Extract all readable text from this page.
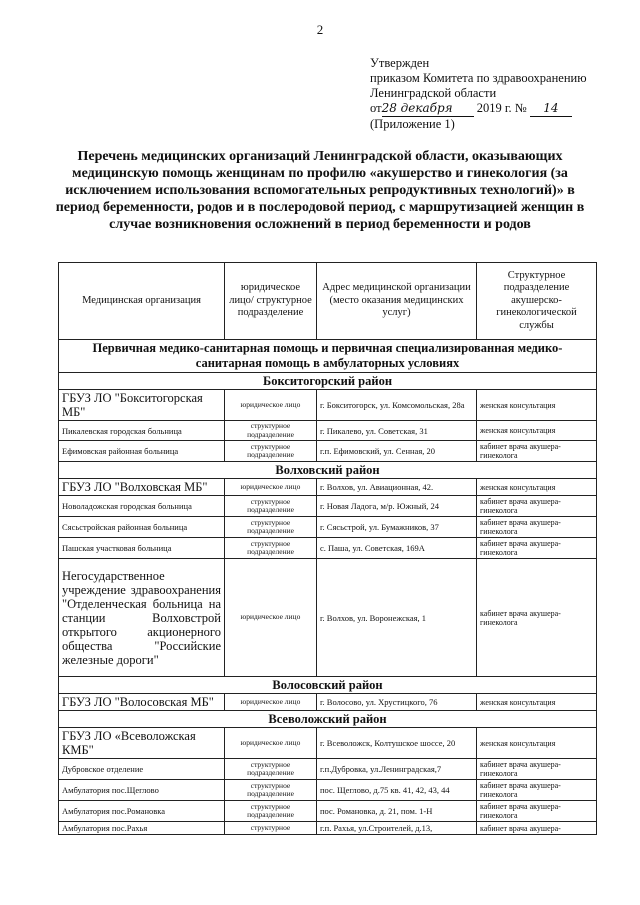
2
Утвержден
приказом Комитета по здравоохранению
Ленинградской области
от28 декабря 2019 г. № 14
(Приложение 1)
Перечень медицинских организаций Ленинградской области, оказывающих медицинскую помощь женщинам по профилю «акушерство и гинекология (за исключением использования вспомогательных репродуктивных технологий)» в период беременности, родов и в послеродовой период, с маршрутизацией женщин в случае возникновения осложнений в период беременности и родов
Медицинская организация	юридическое лицо/ структурное подразделение	Адрес медицинской организации (место оказания медицинских услуг)	Структурное подразделение акушерско-гинекологической службы
Первичная медико-санитарная помощь и первичная специализированная медико-санитарная помощь в амбулаторных условиях			
Бокситогорский район			
ГБУЗ ЛО "Бокситогорская МБ"	юридическое лицо	г. Бокситогорск, ул. Комсомольская, 28а	женская консультация
Пикалевская городская больница	структурное подразделение	г. Пикалево, ул. Советская, 31	женская консультация
Ефимовская районная больница	структурное подразделение	г.п. Ефимовский, ул. Сенная, 20	кабинет врача акушера-гинеколога
Волховский район			
ГБУЗ ЛО "Волховская МБ"	юридическое лицо	г. Волхов, ул. Авиационная, 42.	женская консультация
Новоладожская городская больница	структурное подразделение	г. Новая Ладога, м/р. Южный, 24	кабинет врача акушера-гинеколога
Сясьстройская районная больница	структурное подразделение	г. Сясьстрой, ул. Бумажников, 37	кабинет врача акушера-гинеколога
Пашская участковая больница	структурное подразделение	с. Паша, ул. Советская, 169А	кабинет врача акушера-гинеколога
Негосударственное учреждение здравоохранения "Отделенческая больница на станции Волховстрой открытого акционерного общества "Российские железные дороги"	юридическое лицо	г. Волхов, ул. Воронежская, 1	кабинет врача акушера-гинеколога
Волосовский район			
ГБУЗ ЛО "Волосовская МБ"	юридическое лицо	г. Волосово, ул. Хрустицкого, 76	женская консультация
Всеволожский район			
ГБУЗ ЛО «Всеволожская КМБ"	юридическое лицо	г. Всеволожск, Колтушское шоссе, 20	женская консультация
Дубровское отделение	структурное подразделение	г.п.Дубровка, ул.Ленинградская,7	кабинет врача акушера-гинеколога
Амбулатория пос.Щеглово	структурное подразделение	пос. Щеглово, д.75 кв. 41, 42, 43, 44	кабинет врача акушера-гинеколога
Амбулатория пос.Романовка	структурное подразделение	пос. Романовка, д. 21, пом. 1-Н	кабинет врача акушера-гинеколога
Амбулатория пос.Рахья	структурное	г.п. Рахья, ул.Строителей, д.13,	кабинет врача акушера-
